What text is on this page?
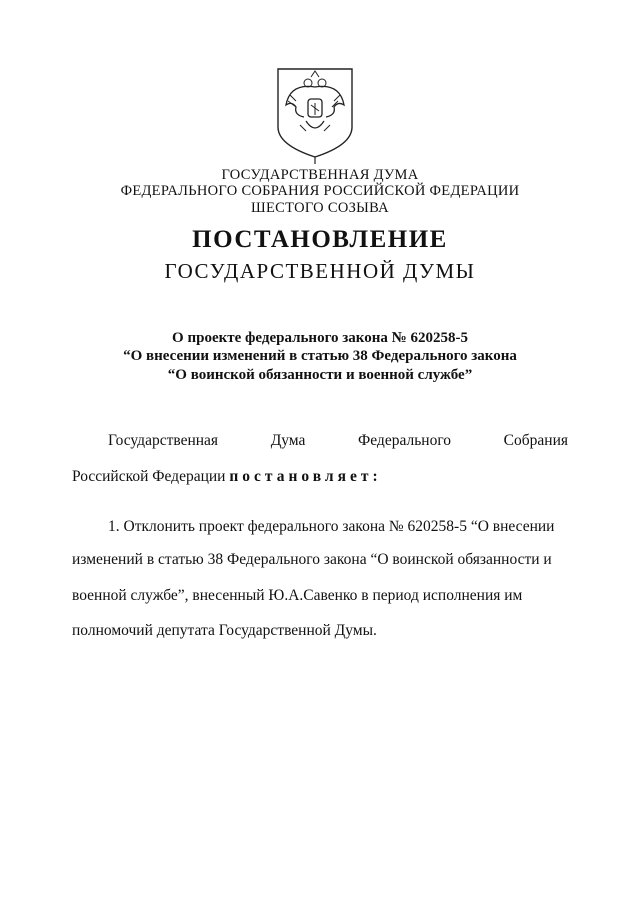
ГОСУДАРСТВЕННАЯ ДУМА
ФЕДЕРАЛЬНОГО СОБРАНИЯ РОССИЙСКОЙ ФЕДЕРАЦИИ
ШЕСТОГО СОЗЫВА
ПОСТАНОВЛЕНИЕ
ГОСУДАРСТВЕННОЙ ДУМЫ
О проекте федерального закона № 620258-5
“О внесении изменений в статью 38 Федерального закона
“О воинской обязанности и военной службе”
Государственная	Дума	Федерального	Собрания
Российской Федерации постановляет:
1. Отклонить проект федерального закона № 620258-5 “О внесении
изменений в статью 38 Федерального закона “О воинской обязанности и
военной службе”, внесенный Ю.А.Савенко в период исполнения им
полномочий депутата Государственной Думы.
